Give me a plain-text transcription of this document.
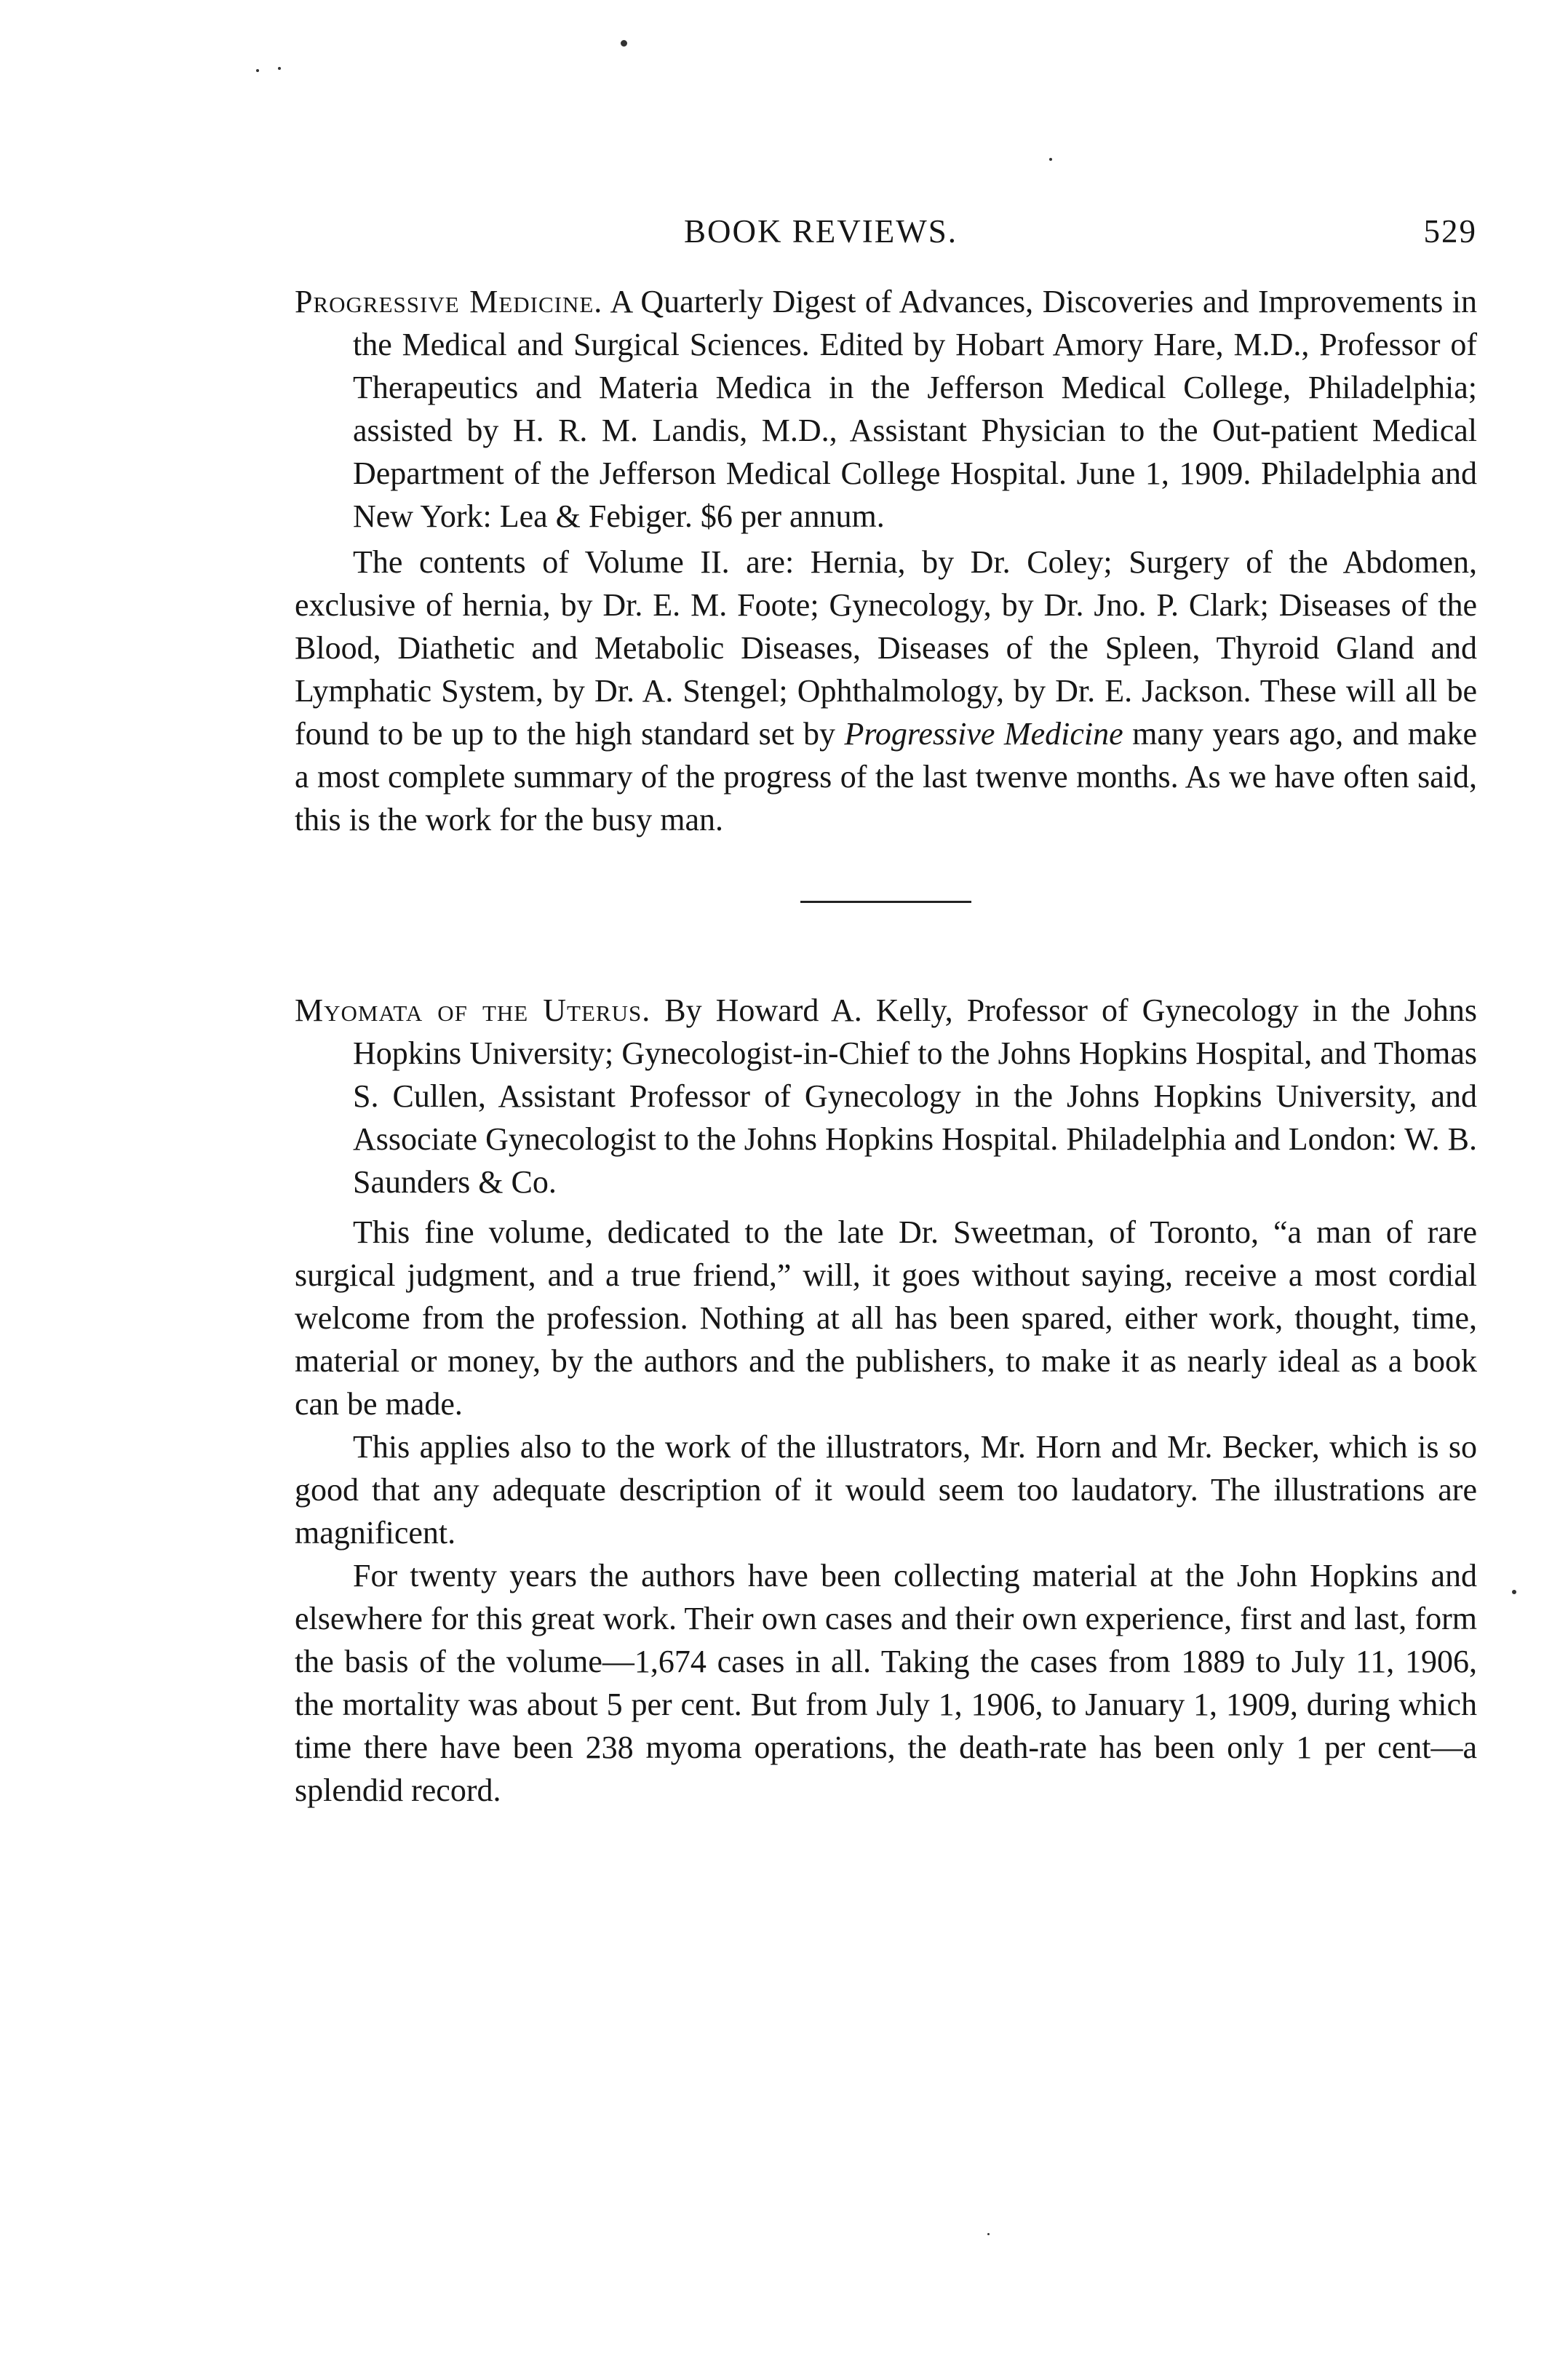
BOOK REVIEWS.	529

Progressive Medicine. A Quarterly Digest of Advances, Discoveries and Improvements in the Medical and Surgical Sciences. Edited by Hobart Amory Hare, M.D., Professor of Therapeutics and Materia Medica in the Jefferson Medical College, Philadelphia; assisted by H. R. M. Landis, M.D., Assistant Physician to the Out-patient Medical Department of the Jefferson Medical College Hospital. June 1, 1909. Philadelphia and New York: Lea & Febiger. $6 per annum.

The contents of Volume II. are: Hernia, by Dr. Coley; Surgery of the Abdomen, exclusive of hernia, by Dr. E. M. Foote; Gynecology, by Dr. Jno. P. Clark; Diseases of the Blood, Diathetic and Metabolic Diseases, Diseases of the Spleen, Thyroid Gland and Lymphatic System, by Dr. A. Stengel; Ophthalmology, by Dr. E. Jackson. These will all be found to be up to the high standard set by Progressive Medicine many years ago, and make a most complete summary of the progress of the last twenve months. As we have often said, this is the work for the busy man.

Myomata of the Uterus. By Howard A. Kelly, Professor of Gynecology in the Johns Hopkins University; Gynecologist-in-Chief to the Johns Hopkins Hospital, and Thomas S. Cullen, Assistant Professor of Gynecology in the Johns Hopkins University, and Associate Gynecologist to the Johns Hopkins Hospital. Philadelphia and London: W. B. Saunders & Co.

This fine volume, dedicated to the late Dr. Sweetman, of Toronto, “a man of rare surgical judgment, and a true friend,” will, it goes without saying, receive a most cordial welcome from the profession. Nothing at all has been spared, either work, thought, time, material or money, by the authors and the publishers, to make it as nearly ideal as a book can be made.

This applies also to the work of the illustrators, Mr. Horn and Mr. Becker, which is so good that any adequate description of it would seem too laudatory. The illustrations are magnificent.

For twenty years the authors have been collecting material at the John Hopkins and elsewhere for this great work. Their own cases and their own experience, first and last, form the basis of the volume—1,674 cases in all. Taking the cases from 1889 to July 11, 1906, the mortality was about 5 per cent. But from July 1, 1906, to January 1, 1909, during which time there have been 238 myoma operations, the death-rate has been only 1 per cent—a splendid record.
